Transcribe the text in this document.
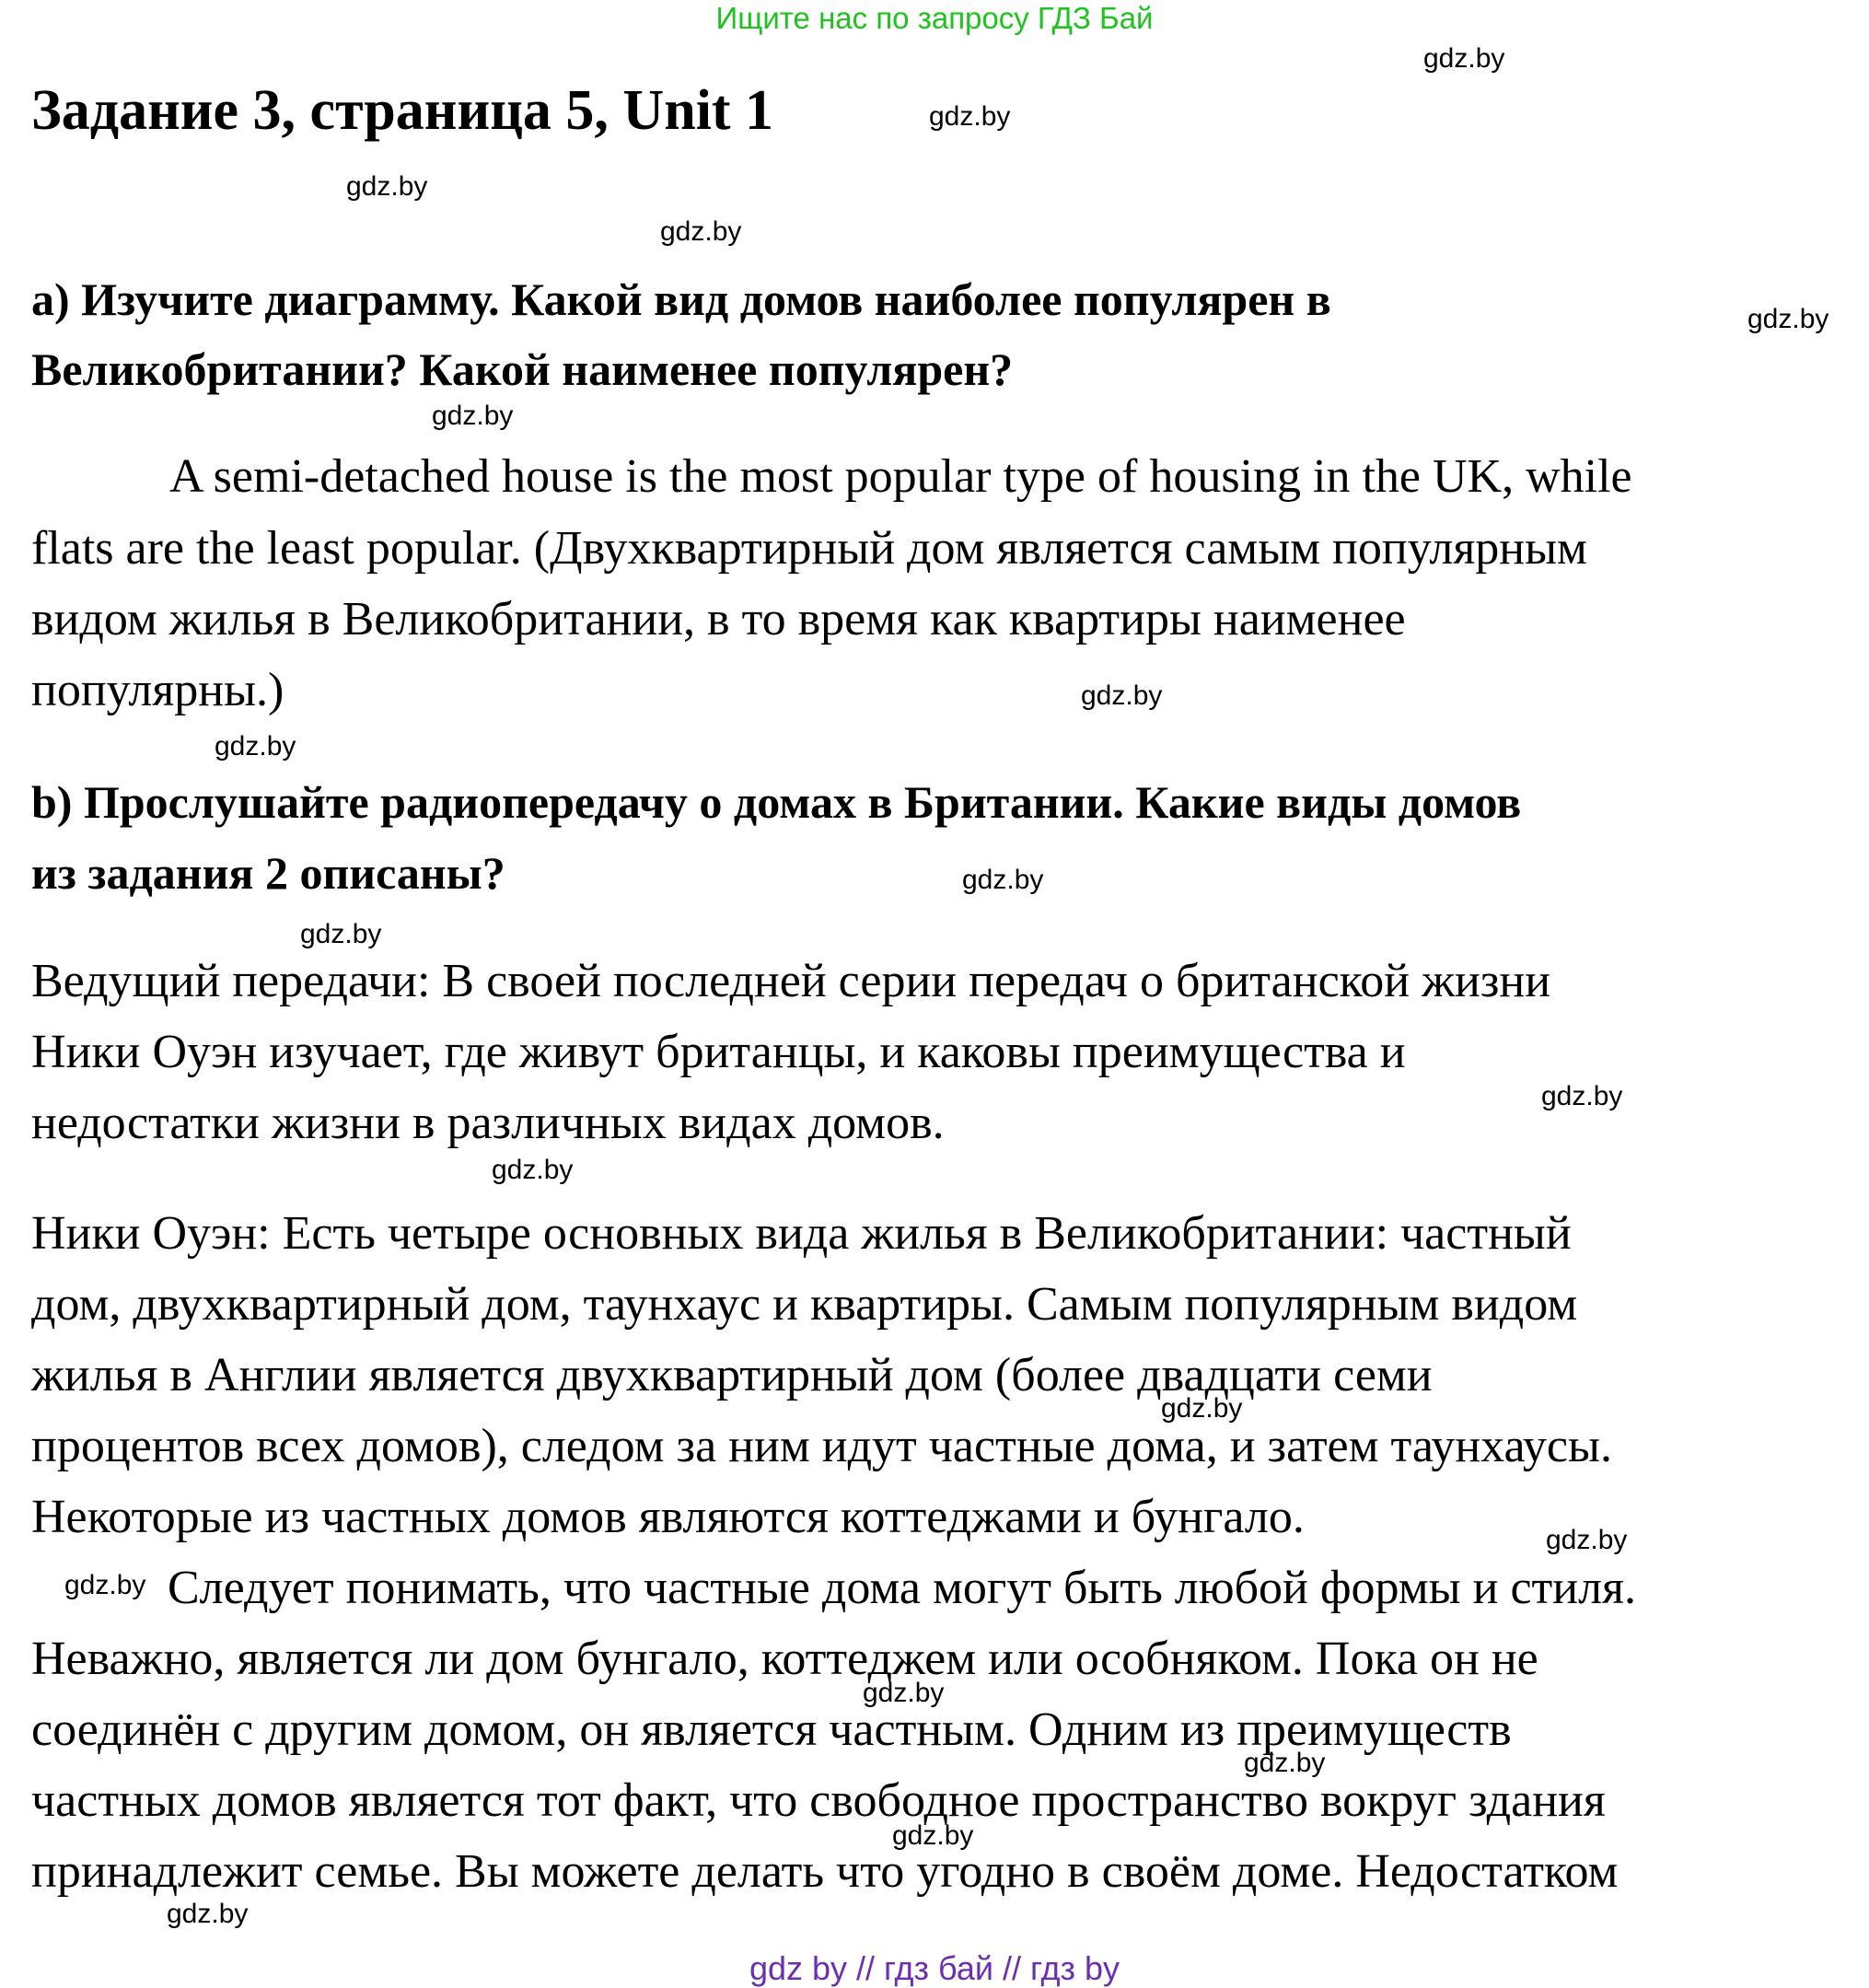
Ищите нас по запросу ГДЗ Бай
Задание 3, страница 5, Unit 1

a) Изучите диаграмму. Какой вид домов наиболее популярен в

Великобритании? Какой наименее популярен?

A semi-detached house is the most popular type of housing in the UK, while

flats are the least popular. (Двухквартирный дом является самым популярным

видом жилья в Великобритании, в то время как квартиры наименее

популярны.)

b) Прослушайте радиопередачу о домах в Британии. Какие виды домов

из задания 2 описаны?

Ведущий передачи: В своей последней серии передач о британской жизни

Ники Оуэн изучает, где живут британцы, и каковы преимущества и

недостатки жизни в различных видах домов.

Ники Оуэн: Есть четыре основных вида жилья в Великобритании: частный

дом, двухквартирный дом, таунхаус и квартиры. Самым популярным видом

жилья в Англии является двухквартирный дом (более двадцати семи

процентов всех домов), следом за ним идут частные дома, и затем таунхаусы.

Некоторые из частных домов являются коттеджами и бунгало.

Следует понимать, что частные дома могут быть любой формы и стиля.

Неважно, является ли дом бунгало, коттеджем или особняком. Пока он не

соединён с другим домом, он является частным. Одним из преимуществ

частных домов является тот факт, что свободное пространство вокруг здания

принадлежит семье. Вы можете делать что угодно в своём доме. Недостатком

gdz.by
gdz.by
gdz.by
gdz.by
gdz.by
gdz.by
gdz.by
gdz.by
gdz.by
gdz.by
gdz.by
gdz.by
gdz.by
gdz.by
gdz.by
gdz.by
gdz.by
gdz.by
gdz.by
gdz by // гдз бай // гдз by
